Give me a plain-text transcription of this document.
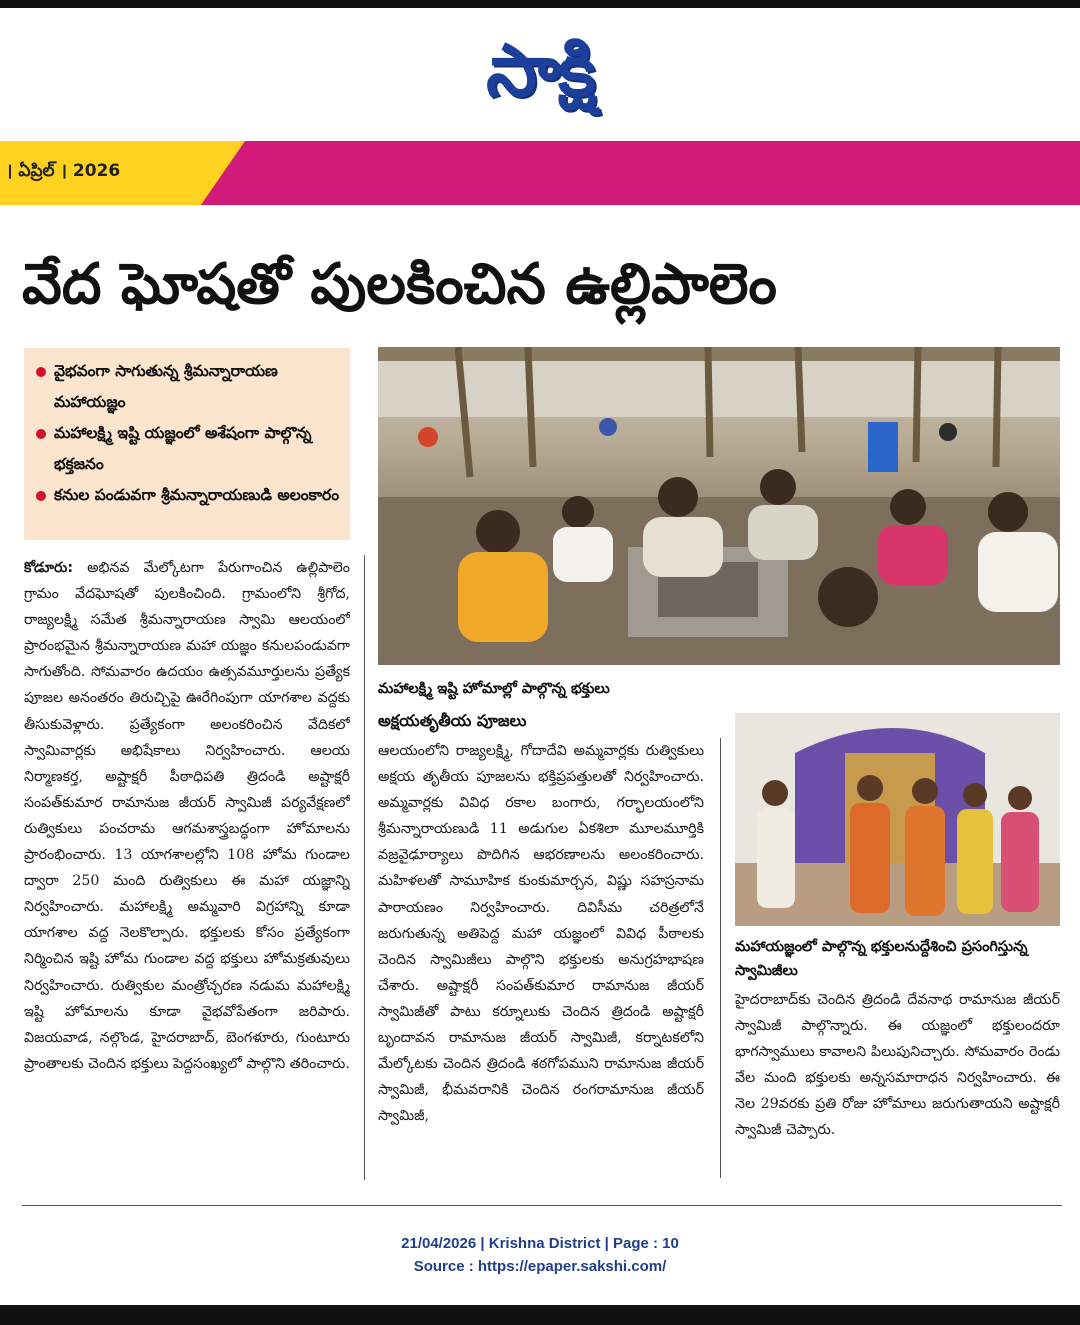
సాక్షి
। ఏప్రిల్ । 2026
వేద ఘోషతో పులకించిన ఉల్లిపాలెం
వైభవంగా సాగుతున్న శ్రీమన్నారాయణ మహాయజ్ఞం
మహాలక్ష్మి ఇష్టి యజ్ఞంలో అశేషంగా పాల్గొన్న భక్తజనం
కనుల పండువగా శ్రీమన్నారాయణుడి అలంకారం

కోడూరు: అభినవ మేల్కోటగా పేరుగాంచిన ఉల్లిపాలెం గ్రామం వేదఘోషతో పులకించింది. గ్రామంలోని శ్రీగోద, రాజ్యలక్ష్మి సమేత శ్రీమన్నారాయణ స్వామి ఆలయంలో ప్రారంభమైన శ్రీమన్నారాయణ మహా యజ్ఞం కనులపండువగా సాగుతోంది. సోమవారం ఉదయం ఉత్సవమూర్తులను ప్రత్యేక పూజల అనంతరం తిరుచ్చిపై ఊరేగింపుగా యాగశాల వద్దకు తీసుకువెళ్లారు. ప్రత్యేకంగా అలంకరించిన వేదికలో స్వామివార్లకు అభిషేకాలు నిర్వహించారు. ఆలయ నిర్మాణకర్త, అష్టాక్షరీ పీఠాధిపతి త్రిదండి అష్టాక్షరీ సంపత్‌కుమార రామానుజ జీయర్ స్వామిజీ పర్యవేక్షణలో రుత్వికులు పంచరామ ఆగమశాస్త్రబద్ధంగా హోమాలను ప్రారంభించారు. 13 యాగశాలల్లోని 108 హోమ గుండాల ద్వారా 250 మంది రుత్వికులు ఈ మహా యజ్ఞాన్ని నిర్వహించారు. మహాలక్ష్మి అమ్మవారి విగ్రహాన్ని కూడా యాగశాల వద్ద నెలకొల్పారు. భక్తులకు కోసం ప్రత్యేకంగా నిర్మించిన ఇష్టి హోమ గుండాల వద్ద భక్తులు హోమక్రతువులు నిర్వహించారు. రుత్వికుల మంత్రోచ్చరణ నడుమ మహాలక్ష్మి ఇష్టి హోమాలను కూడా వైభవోపేతంగా జరిపారు. విజయవాడ, నల్గొండ, హైదరాబాద్, బెంగళూరు, గుంటూరు ప్రాంతాలకు చెందిన భక్తులు పెద్దసంఖ్యలో పాల్గొని తరించారు.

మహాలక్ష్మి ఇష్టి హోమాల్లో పాల్గొన్న భక్తులు
అక్షయతృతీయ పూజలు

ఆలయంలోని రాజ్యలక్ష్మి, గోదాదేవి అమ్మవార్లకు రుత్వికులు అక్షయ తృతీయ పూజలను భక్తిప్రపత్తులతో నిర్వహించారు. అమ్మవార్లకు వివిధ రకాల బంగారు, గర్భాలయంలోని శ్రీమన్నారాయణుడి 11 అడుగుల ఏకశిలా మూలమూర్తికి వజ్రవైఢూర్యాలు పొదిగిన ఆభరణాలను అలంకరించారు. మహిళలతో సామూహిక కుంకుమార్చన, విష్ణు సహస్రనామ పారాయణం నిర్వహించారు. దివిసీమ చరిత్రలోనే జరుగుతున్న అతిపెద్ద మహా యజ్ఞంలో వివిధ పీఠాలకు చెందిన స్వామిజీలు పాల్గొని భక్తులకు అనుగ్రహభాషణ చేశారు. అష్టాక్షరీ సంపత్‌కుమార రామానుజ జీయర్ స్వామిజీతో పాటు కర్నూలుకు చెందిన త్రిదండి అష్టాక్షరీ బృందావన రామానుజ జీయర్ స్వామిజీ, కర్నాటకలోని మేల్కోటకు చెందిన త్రిదండి శఠగోపముని రామానుజ జీయర్ స్వామిజీ, భీమవరానికి చెందిన రంగరామానుజ జీయర్ స్వామిజీ,

మహాయజ్ఞంలో పాల్గొన్న భక్తులనుద్దేశించి ప్రసంగిస్తున్న స్వామిజీలు

హైదరాబాద్‌కు చెందిన త్రిదండి దేవనాథ రామానుజ జీయర్ స్వామిజీ పాల్గొన్నారు. ఈ యజ్ఞంలో భక్తులందరూ భాగస్వాములు కావాలని పిలుపునిచ్చారు. సోమవారం రెండు వేల మంది భక్తులకు అన్నసమారాధన నిర్వహించారు. ఈ నెల 29వరకు ప్రతి రోజు హోమాలు జరుగుతాయని అష్టాక్షరీ స్వామిజీ చెప్పారు.

21/04/2026 | Krishna District | Page : 10
Source : https://epaper.sakshi.com/
